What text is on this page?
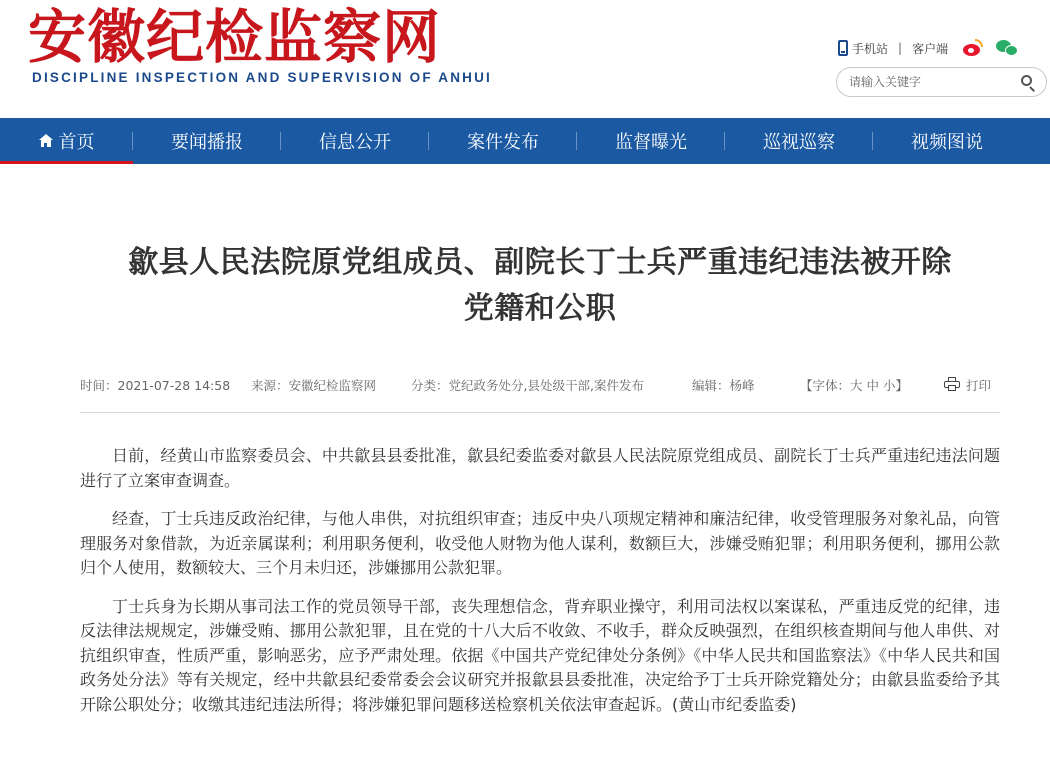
安徽纪检监察网
DISCIPLINE INSPECTION AND SUPERVISION OF ANHUI
手机站 | 客户端
请输入关键字
首页	要闻播报	信息公开	案件发布	监督曝光	巡视巡察	视频图说
歙县人民法院原党组成员、副院长丁士兵严重违纪违法被开除
党籍和公职
时间：2021-07-28 14:58 来源：安徽纪检监察网	分类：党纪政务处分,县处级干部,案件发布	编辑：杨峰	【字体：大 中 小】	打印

日前，经黄山市监察委员会、中共歙县县委批准，歙县纪委监委对歙县人民法院原党组成员、副院长丁士兵严重违纪违法问题进行了立案审查调查。

经查，丁士兵违反政治纪律，与他人串供，对抗组织审查；违反中央八项规定精神和廉洁纪律，收受管理服务对象礼品，向管理服务对象借款，为近亲属谋利；利用职务便利，收受他人财物为他人谋利，数额巨大，涉嫌受贿犯罪；利用职务便利，挪用公款归个人使用，数额较大、三个月未归还，涉嫌挪用公款犯罪。

丁士兵身为长期从事司法工作的党员领导干部，丧失理想信念，背弃职业操守，利用司法权以案谋私，严重违反党的纪律，违反法律法规规定，涉嫌受贿、挪用公款犯罪，且在党的十八大后不收敛、不收手，群众反映强烈，在组织核查期间与他人串供、对抗组织审查，性质严重，影响恶劣，应予严肃处理。依据《中国共产党纪律处分条例》《中华人民共和国监察法》《中华人民共和国政务处分法》等有关规定，经中共歙县纪委常委会会议研究并报歙县县委批准，决定给予丁士兵开除党籍处分；由歙县监委给予其开除公职处分；收缴其违纪违法所得；将涉嫌犯罪问题移送检察机关依法审查起诉。(黄山市纪委监委)
